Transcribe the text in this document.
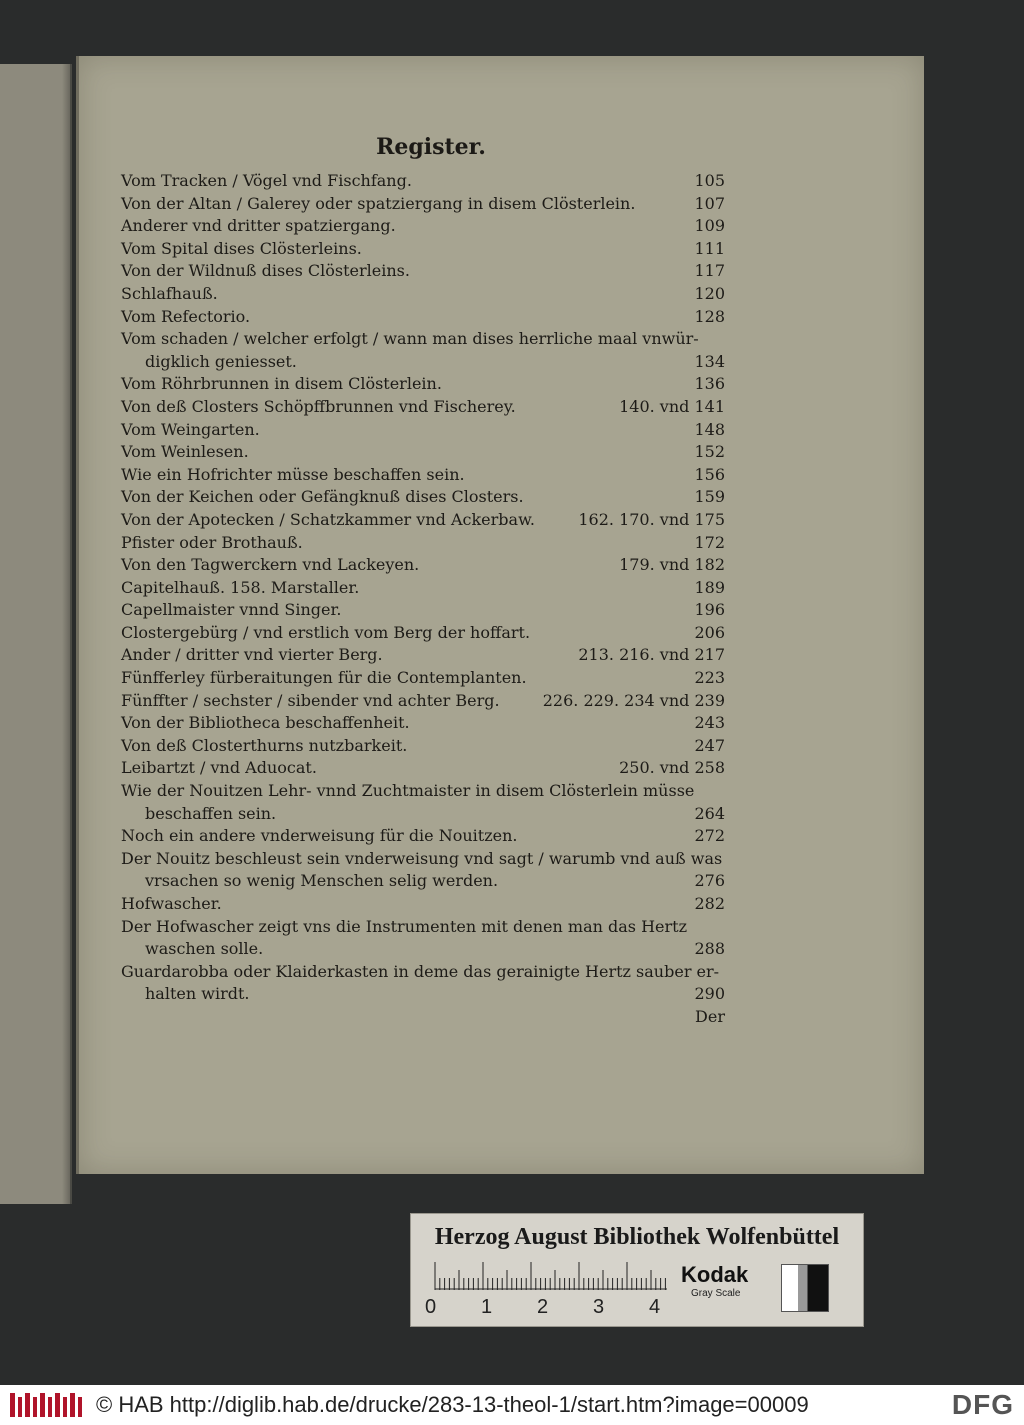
Register.
Vom Tracken / Vögel vnd Fischfang.	105
Von der Altan / Galerey oder spatziergang in disem Clösterlein.	107
Anderer vnd dritter spatziergang.	109
Vom Spital dises Clösterleins.	111
Von der Wildnuß dises Clösterleins.	117
Schlafhauß.	120
Vom Refectorio.	128
Vom schaden / welcher erfolgt / wann man dises herrliche maal vnwür-
digklich geniesset.	134
Vom Röhrbrunnen in disem Clösterlein.	136
Von deß Closters Schöpffbrunnen vnd Fischerey.	140. vnd 141
Vom Weingarten.	148
Vom Weinlesen.	152
Wie ein Hofrichter müsse beschaffen sein.	156
Von der Keichen oder Gefängknuß dises Closters.	159
Von der Apotecken / Schatzkammer vnd Ackerbaw.	162. 170. vnd 175
Pfister oder Brothauß.	172
Von den Tagwerckern vnd Lackeyen.	179. vnd 182
Capitelhauß. 158. Marstaller.	189
Capellmaister vnnd Singer.	196
Clostergebürg / vnd erstlich vom Berg der hoffart.	206
Ander / dritter vnd vierter Berg.	213. 216. vnd 217
Fünfferley fürberaitungen für die Contemplanten.	223
Fünffter / sechster / sibender vnd achter Berg.	226. 229. 234 vnd 239
Von der Bibliotheca beschaffenheit.	243
Von deß Closterthurns nutzbarkeit.	247
Leibartzt / vnd Aduocat.	250. vnd 258
Wie der Nouitzen Lehr- vnnd Zuchtmaister in disem Clösterlein müsse
beschaffen sein.	264
Noch ein andere vnderweisung für die Nouitzen.	272
Der Nouitz beschleust sein vnderweisung vnd sagt / warumb vnd auß was
vrsachen so wenig Menschen selig werden.	276
Hofwascher.	282
Der Hofwascher zeigt vns die Instrumenten mit denen man das Hertz
waschen solle.	288
Guardarobba oder Klaiderkasten in deme das gerainigte Hertz sauber er-
halten wirdt.	290
Der
Herzog August Bibliothek Wolfenbüttel
0 1 2 3 4
Kodak
Gray Scale
© HAB http://diglib.hab.de/drucke/283-13-theol-1/start.htm?image=00009	DFG
